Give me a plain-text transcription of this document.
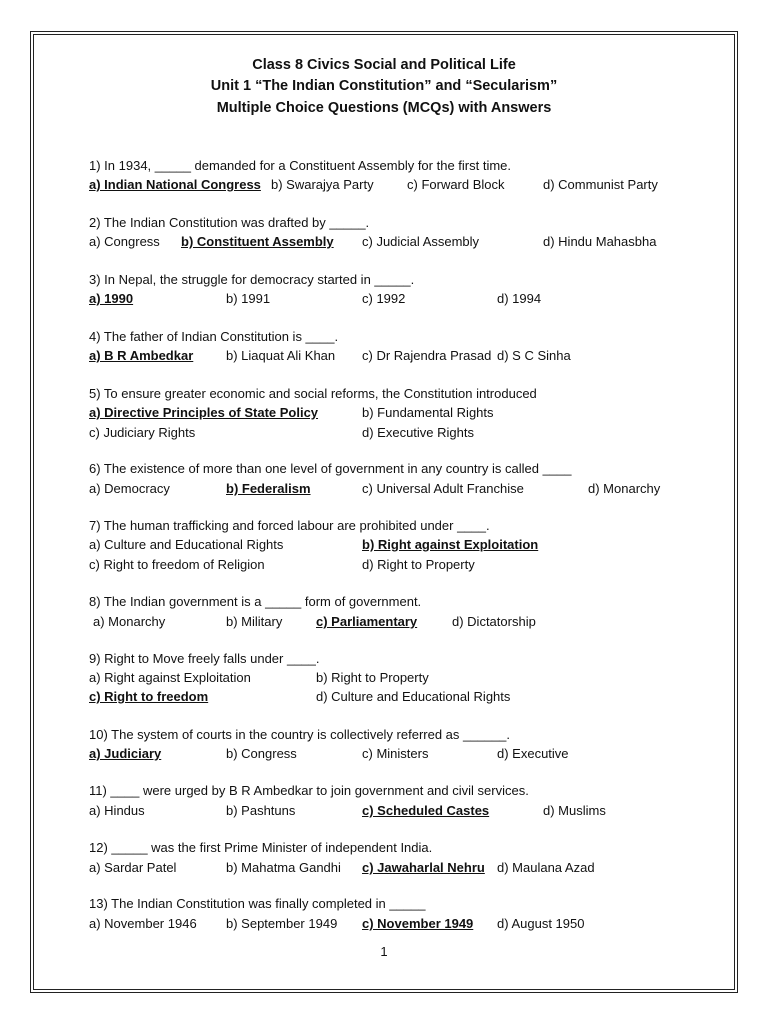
Class 8 Civics Social and Political Life
Unit 1 “The Indian Constitution” and “Secularism”
Multiple Choice Questions (MCQs) with Answers
1) In 1934, _____ demanded for a Constituent Assembly for the first time.
a) Indian National Congress b) Swarajya Party	c) Forward Block	d) Communist Party
2) The Indian Constitution was drafted by _____.
a) Congress b) Constituent Assembly c) Judicial Assembly	d) Hindu Mahasbha
3) In Nepal, the struggle for democracy started in _____.
a) 1990	b) 1991	c) 1992	d) 1994
4) The father of Indian Constitution is ____.
a) B R Ambedkar	b) Liaquat Ali Khan c) Dr Rajendra Prasad d) S C Sinha
5) To ensure greater economic and social reforms, the Constitution introduced
a) Directive Principles of State Policy	b) Fundamental Rights
c) Judiciary Rights	d) Executive Rights
6) The existence of more than one level of government in any country is called ____
a) Democracy	b) Federalism	c) Universal Adult Franchise	d) Monarchy
7) The human trafficking and forced labour are prohibited under ____.
a) Culture and Educational Rights	b) Right against Exploitation
c) Right to freedom of Religion	d) Right to Property
8) The Indian government is a _____ form of government.
a) Monarchy	b) Military	c) Parliamentary	d) Dictatorship
9) Right to Move freely falls under ____.
a) Right against Exploitation	b) Right to Property
c) Right to freedom	d) Culture and Educational Rights
10) The system of courts in the country is collectively referred as ______.
a) Judiciary	b) Congress	c) Ministers	d) Executive
11) ____ were urged by B R Ambedkar to join government and civil services.
a) Hindus	b) Pashtuns	c) Scheduled Castes	d) Muslims
12) _____ was the first Prime Minister of independent India.
a) Sardar Patel	b) Mahatma Gandhi c) Jawaharlal Nehru d) Maulana Azad
13) The Indian Constitution was finally completed in _____
a) November 1946 b) September 1949 c) November 1949 d) August 1950
1
